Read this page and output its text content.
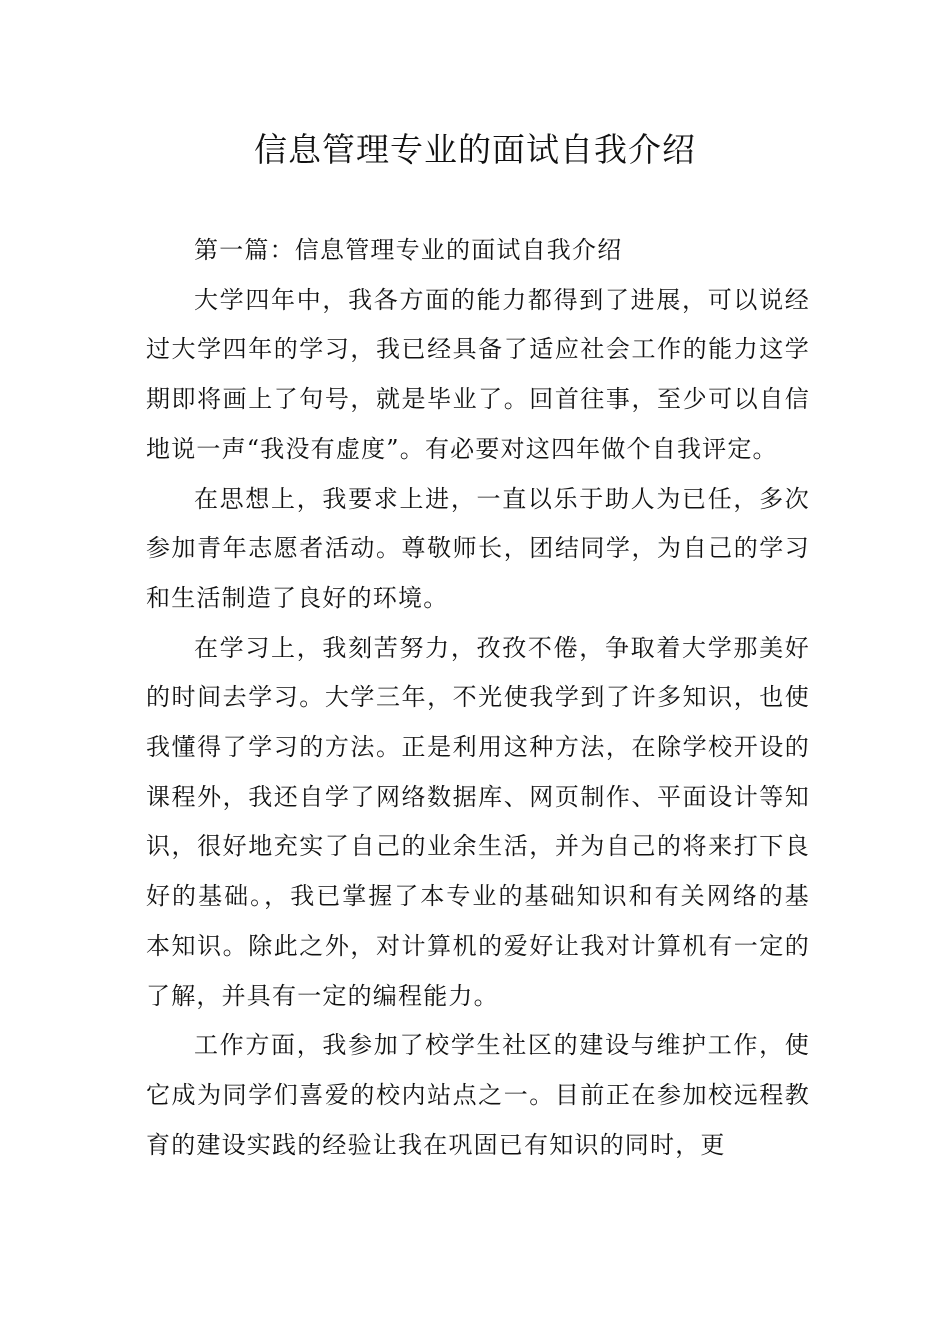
信息管理专业的面试自我介绍

第一篇：信息管理专业的面试自我介绍

大学四年中，我各方面的能力都得到了进展，可以说经过大学四年的学习，我已经具备了适应社会工作的能力这学期即将画上了句号，就是毕业了。回首往事，至少可以自信地说一声“我没有虚度”。有必要对这四年做个自我评定。

在思想上，我要求上进，一直以乐于助人为已任，多次参加青年志愿者活动。尊敬师长，团结同学，为自己的学习和生活制造了良好的环境。

在学习上，我刻苦努力，孜孜不倦，争取着大学那美好的时间去学习。大学三年，不光使我学到了许多知识，也使我懂得了学习的方法。正是利用这种方法，在除学校开设的课程外，我还自学了网络数据库、网页制作、平面设计等知识，很好地充实了自己的业余生活，并为自己的将来打下良好的基础。，我已掌握了本专业的基础知识和有关网络的基本知识。除此之外，对计算机的爱好让我对计算机有一定的了解，并具有一定的编程能力。

工作方面，我参加了校学生社区的建设与维护工作，使它成为同学们喜爱的校内站点之一。目前正在参加校远程教育的建设实践的经验让我在巩固已有知识的同时，更
